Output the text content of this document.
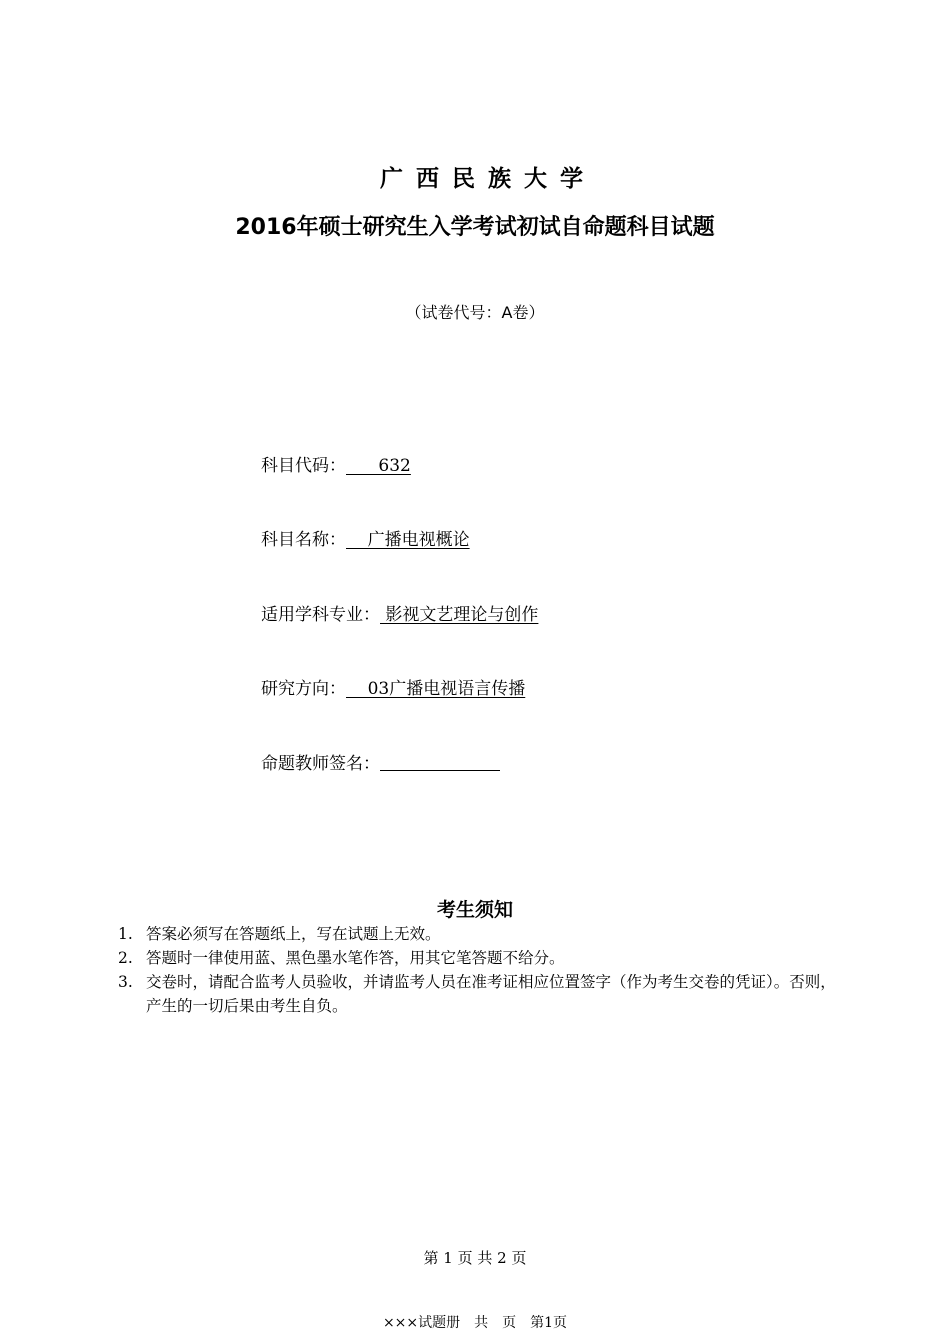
广西民族大学
2016年硕士研究生入学考试初试自命题科目试题
（试卷代号：A卷）
科目代码：      632
科目名称：    广播电视概论
适用学科专业： 影视文艺理论与创作
研究方向：    03广播电视语言传播
命题教师签名：
考生须知
1. 答案必须写在答题纸上，写在试题上无效。
2. 答题时一律使用蓝、黑色墨水笔作答，用其它笔答题不给分。
3. 交卷时，请配合监考人员验收，并请监考人员在准考证相应位置签字（作为考生交卷的凭证）。否则，产生的一切后果由考生自负。
第 1 页 共 2 页
×××试题册　共　页　第1页
